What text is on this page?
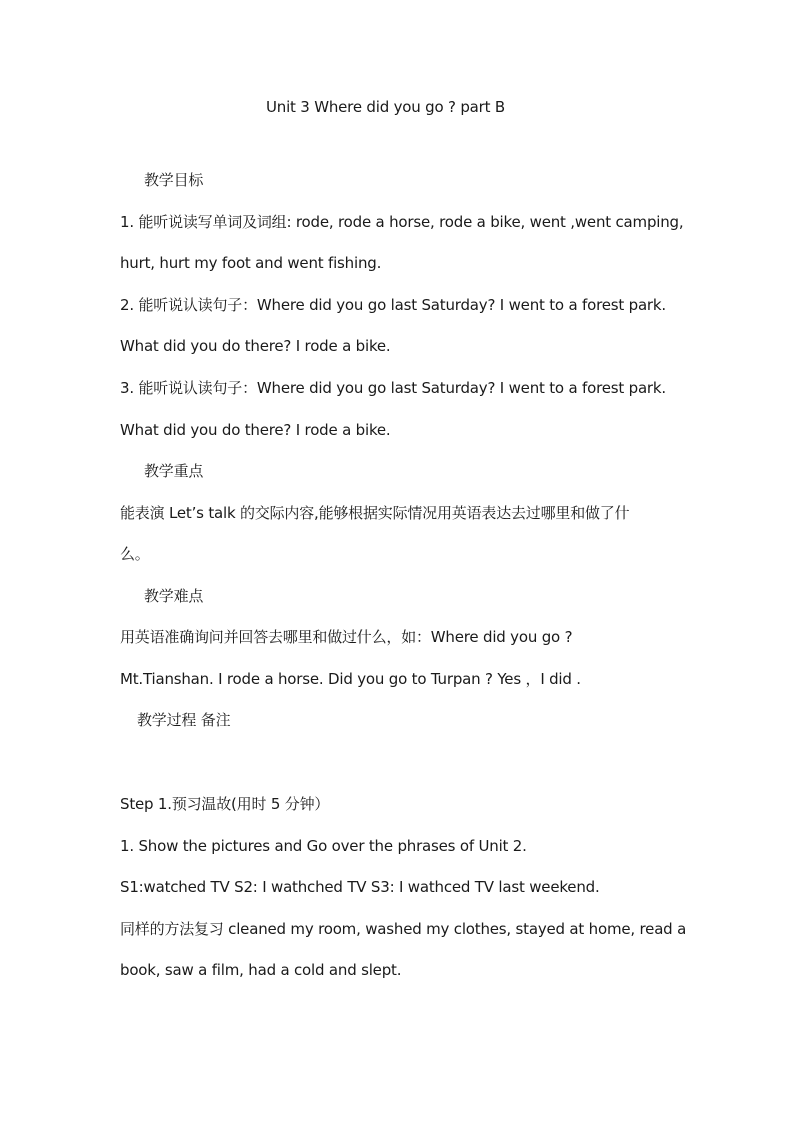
Unit 3 Where did you go ? part B
教学目标
1. 能听说读写单词及词组: rode, rode a horse, rode a bike, went ,went camping,
hurt, hurt my foot and went fishing.
2. 能听说认读句子：Where did you go last Saturday? I went to a forest park.
What did you do there? I rode a bike.
3. 能听说认读句子：Where did you go last Saturday? I went to a forest park.
What did you do there? I rode a bike.
教学重点
能表演 Let’s talk 的交际内容,能够根据实际情况用英语表达去过哪里和做了什
么。
教学难点
用英语准确询问并回答去哪里和做过什么，如：Where did you go ?
Mt.Tianshan. I rode a horse. Did you go to Turpan ? Yes ，I did .
教学过程 备注
Step 1.预习温故(用时 5 分钟）
1. Show the pictures and Go over the phrases of Unit 2.
S1:watched TV S2: I wathched TV S3: I wathced TV last weekend.
同样的方法复习 cleaned my room, washed my clothes, stayed at home, read a
book, saw a film, had a cold and slept.
